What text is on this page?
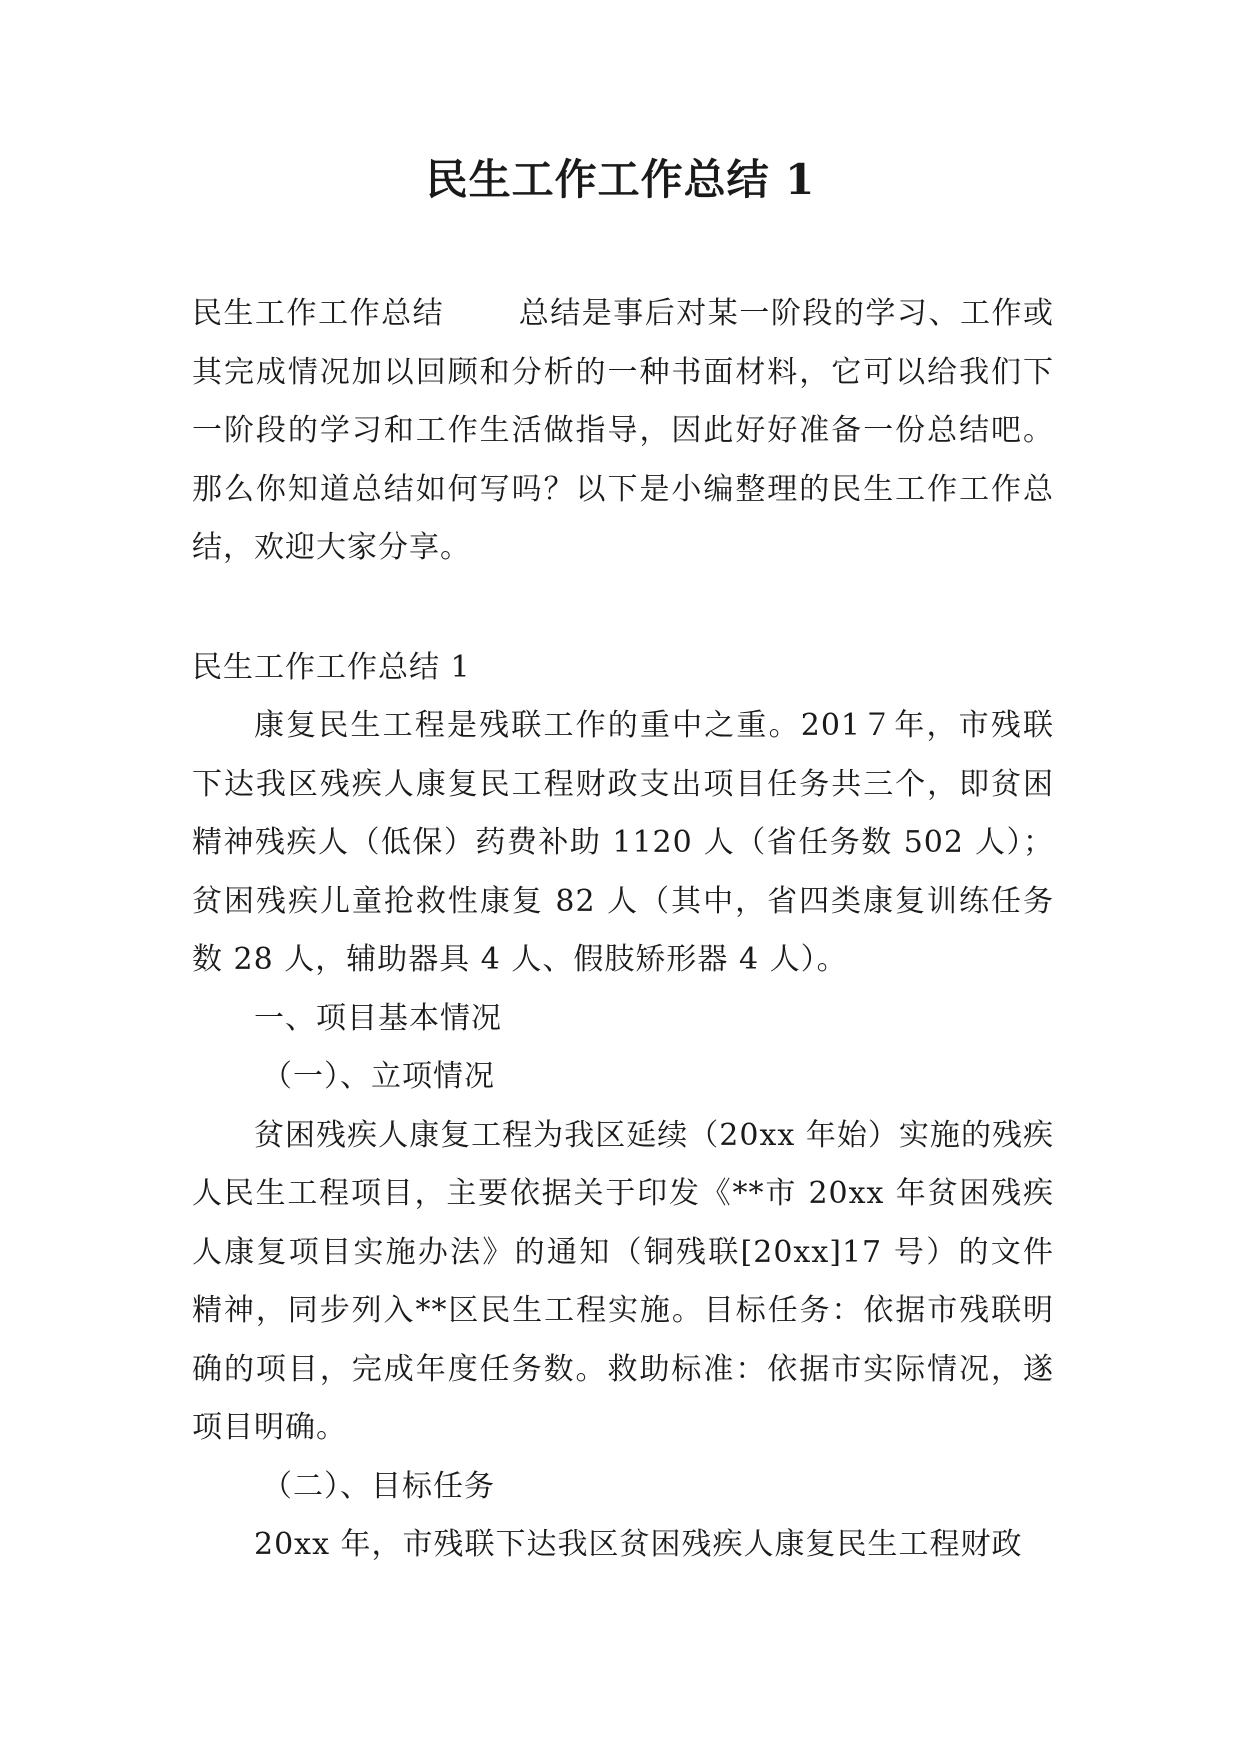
民生工作工作总结 1

民生工作工作总结 总结是事后对某一阶段的学习、工作或其完成情况加以回顾和分析的一种书面材料，它可以给我们下一阶段的学习和工作生活做指导，因此好好准备一份总结吧。那么你知道总结如何写吗？以下是小编整理的民生工作工作总结，欢迎大家分享。

民生工作工作总结 1

康复民生工程是残联工作的重中之重。201７年，市残联下达我区残疾人康复民工程财政支出项目任务共三个，即贫困精神残疾人（低保）药费补助 1120 人（省任务数 502 人）；贫困残疾儿童抢救性康复 82 人（其中，省四类康复训练任务数 28 人，辅助器具 4 人、假肢矫形器 4 人）。

一、项目基本情况

（一）、立项情况

贫困残疾人康复工程为我区延续（20xx 年始）实施的残疾人民生工程项目，主要依据关于印发《**市 20xx 年贫困残疾人康复项目实施办法》的通知（铜残联[20xx]17 号）的文件精神，同步列入**区民生工程实施。目标任务：依据市残联明确的项目，完成年度任务数。救助标准：依据市实际情况，遂项目明确。

（二）、目标任务

20xx 年，市残联下达我区贫困残疾人康复民生工程财政
